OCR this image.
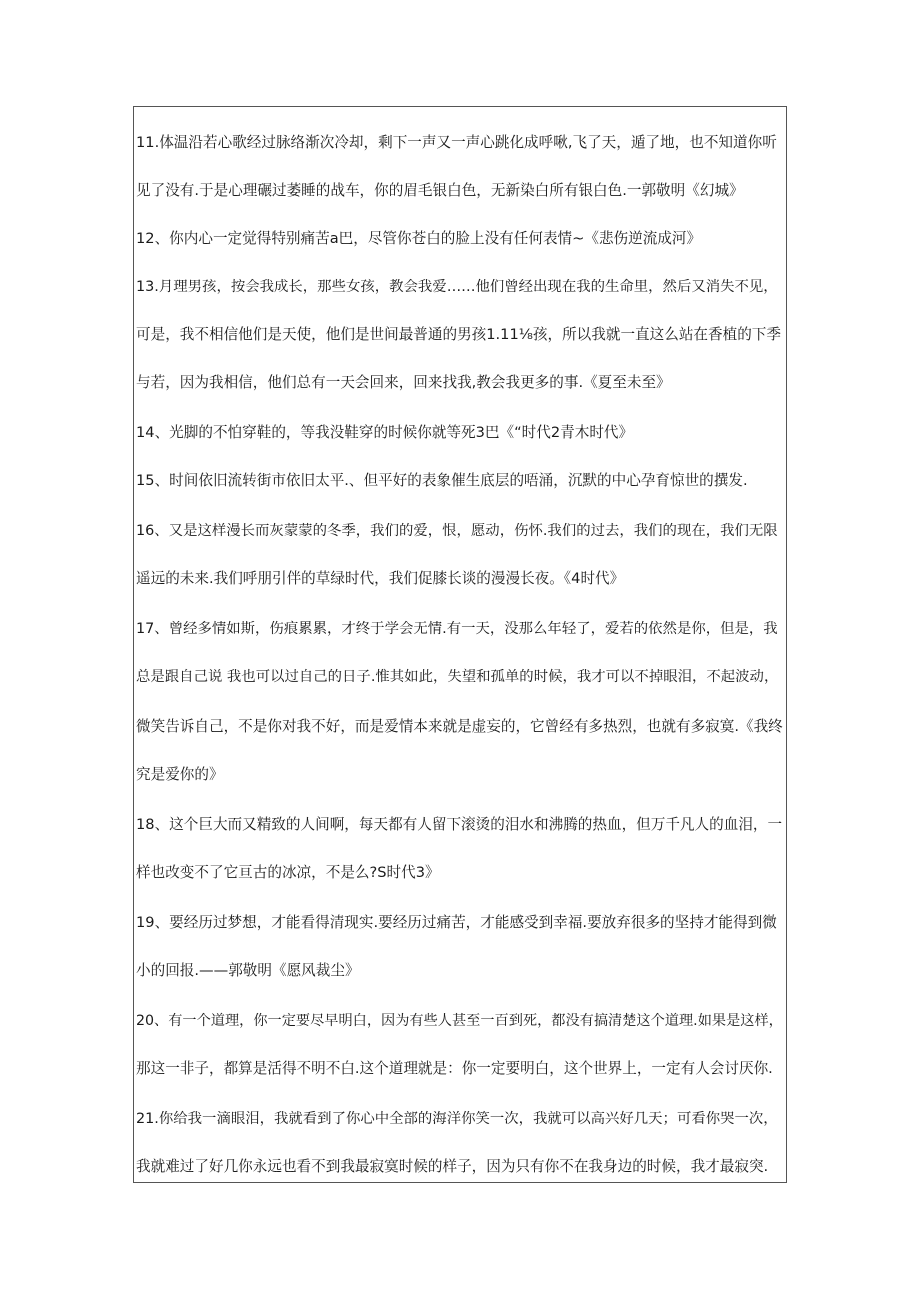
11.体温沿若心歌经过脉络渐次冷却，剩下一声又一声心跳化成呼啾,飞了天，遁了地，也不知道你听
见了没有.于是心理碾过萎睡的战车，你的眉毛银白色，无新染白所有银白色.一郭敬明《幻城》
12、你内心一定觉得特别痛苦a巴，尽管你苍白的脸上没有任何表情~《悲伤逆流成河》
13.月理男孩，按会我成长，那些女孩，教会我爱……他们曾经出现在我的生命里，然后又消失不见，
可是，我不相信他们是天使，他们是世间最普通的男孩1.11⅛孩，所以我就一直这么站在香植的下季
与若，因为我相信，他们总有一天会回来，回来找我,教会我更多的事.《夏至未至》
14、光脚的不怕穿鞋的，等我没鞋穿的时候你就等死3巴《“时代2青木时代》
15、时间依旧流转街市依旧太平.、但平好的表象催生底层的唔涌，沉默的中心孕育惊世的撰发.
16、又是这样漫长而灰蒙蒙的冬季，我们的爱，恨，愿动，伤怀.我们的过去，我们的现在，我们无限
遥远的未来.我们呼朋引伴的草绿时代，我们促膝长谈的漫漫长夜。《4时代》
17、曾经多情如斯，伤痕累累，才终于学会无情.有一天，没那么年轻了，爱若的依然是你，但是，我
总是跟自己说 我也可以过自己的日子.惟其如此，失望和孤单的时候，我才可以不掉眼泪，不起波动，
微笑告诉自己，不是你对我不好，而是爱情本来就是虚妄的，它曾经有多热烈，也就有多寂寞.《我终
究是爱你的》
18、这个巨大而又精致的人间啊，每天都有人留下滚烫的泪水和沸腾的热血，但万千凡人的血泪，一
样也改变不了它亘古的冰凉，不是么?S时代3》
19、要经历过梦想，才能看得清现实.要经历过痛苦，才能感受到幸福.要放弃很多的坚持才能得到微
小的回报.——郭敬明《愿风裁尘》
20、有一个道理，你一定要尽早明白，因为有些人甚至一百到死，都没有搞清楚这个道理.如果是这样，
那这一非子，都算是活得不明不白.这个道理就是：你一定要明白，这个世界上，一定有人会讨厌你.
21.你给我一滴眼泪，我就看到了你心中全部的海洋你笑一次，我就可以高兴好几天；可看你哭一次，
我就难过了好几你永远也看不到我最寂寞时候的样子，因为只有你不在我身边的时候，我才最寂突.
